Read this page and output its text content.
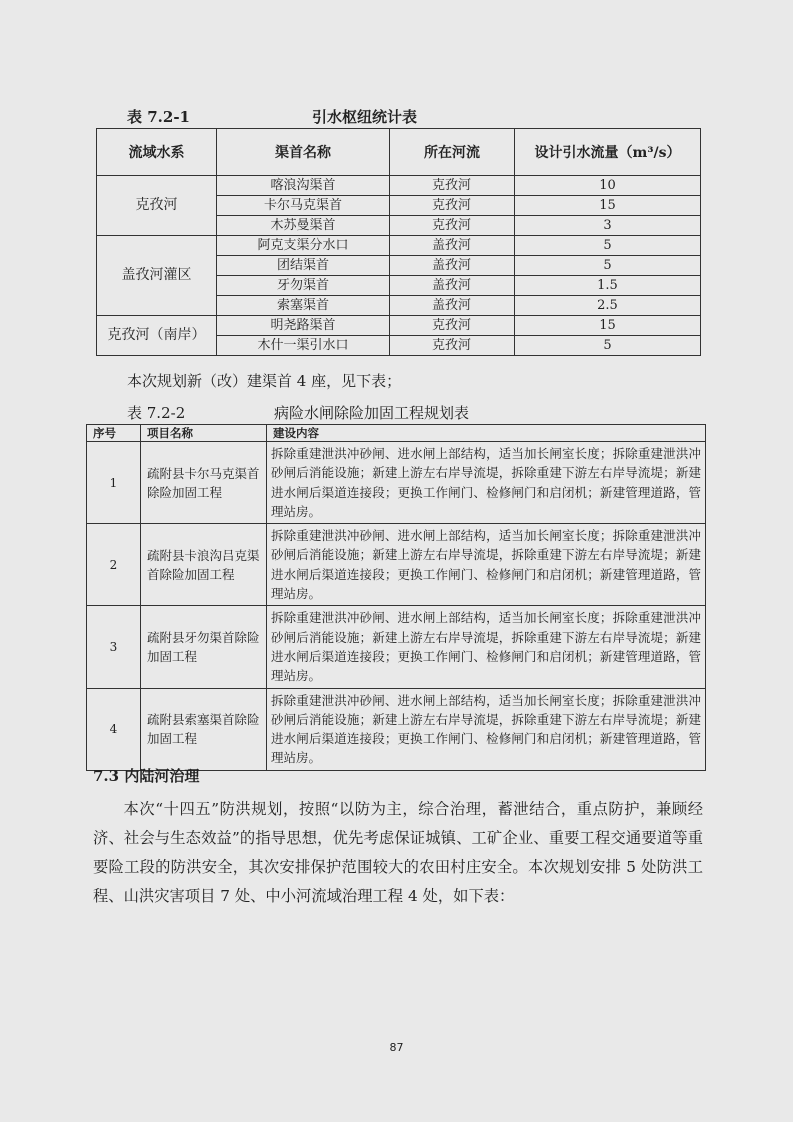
表 7.2-1	引水枢纽统计表
流域水系	渠首名称	所在河流	设计引水流量（m³/s）
克孜河	喀浪沟渠首	克孜河	10
	卡尔马克渠首	克孜河	15
	木苏曼渠首	克孜河	3
盖孜河灌区	阿克支渠分水口	盖孜河	5
	团结渠首	盖孜河	5
	牙勿渠首	盖孜河	1.5
	索塞渠首	盖孜河	2.5
克孜河（南岸）	明尧路渠首	克孜河	15
	木什一渠引水口	克孜河	5
本次规划新（改）建渠首 4 座，见下表；
表 7.2-2	病险水闸除险加固工程规划表
序号	项目名称	建设内容
1	疏附县卡尔马克渠首除险加固工程	拆除重建泄洪冲砂闸、进水闸上部结构，适当加长闸室长度；拆除重建泄洪冲砂闸后消能设施；新建上游左右岸导流堤，拆除重建下游左右岸导流堤；新建进水闸后渠道连接段；更换工作闸门、检修闸门和启闭机；新建管理道路，管理站房。
2	疏附县卡浪沟吕克渠首除险加固工程	拆除重建泄洪冲砂闸、进水闸上部结构，适当加长闸室长度；拆除重建泄洪冲砂闸后消能设施；新建上游左右岸导流堤，拆除重建下游左右岸导流堤；新建进水闸后渠道连接段；更换工作闸门、检修闸门和启闭机；新建管理道路，管理站房。
3	疏附县牙勿渠首除险加固工程	拆除重建泄洪冲砂闸、进水闸上部结构，适当加长闸室长度；拆除重建泄洪冲砂闸后消能设施；新建上游左右岸导流堤，拆除重建下游左右岸导流堤；新建进水闸后渠道连接段；更换工作闸门、检修闸门和启闭机；新建管理道路，管理站房。
4	疏附县索塞渠首除险加固工程	拆除重建泄洪冲砂闸、进水闸上部结构，适当加长闸室长度；拆除重建泄洪冲砂闸后消能设施；新建上游左右岸导流堤，拆除重建下游左右岸导流堤；新建进水闸后渠道连接段；更换工作闸门、检修闸门和启闭机；新建管理道路，管理站房。
7.3 内陆河治理
本次“十四五”防洪规划，按照“以防为主，综合治理，蓄泄结合，重点防护，兼顾经济、社会与生态效益”的指导思想，优先考虑保证城镇、工矿企业、重要工程交通要道等重要险工段的防洪安全，其次安排保护范围较大的农田村庄安全。本次规划安排 5 处防洪工程、山洪灾害项目 7 处、中小河流域治理工程 4 处，如下表：
87
